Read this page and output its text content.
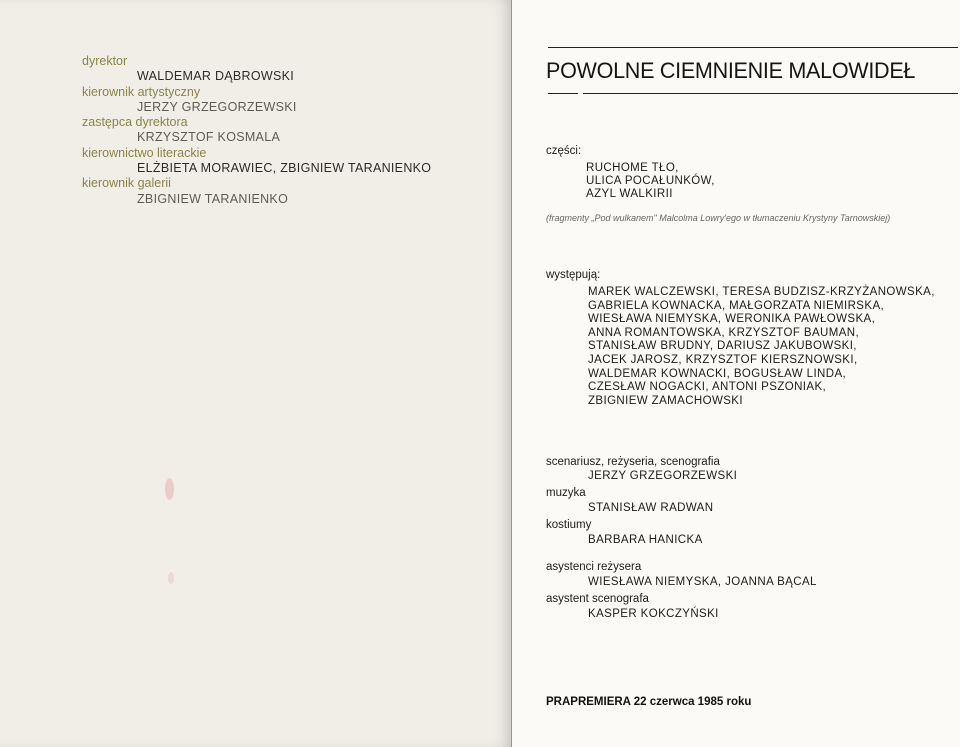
dyrektor
WALDEMAR DĄBROWSKI
kierownik artystyczny
JERZY GRZEGORZEWSKI
zastępca dyrektora
KRZYSZTOF KOSMALA
kierownictwo literackie
ELŻBIETA MORAWIEC, ZBIGNIEW TARANIENKO
kierownik galerii
ZBIGNIEW TARANIENKO
POWOLNE CIEMNIENIE MALOWIDEŁ
części:
RUCHOME TŁO,
ULICA POCAŁUNKÓW,
AZYL WALKIRII
(fragmenty „Pod wulkanem" Malcolma Lowry'ego w tłumaczeniu Krystyny Tarnowskiej)
występują:
MAREK WALCZEWSKI, TERESA BUDZISZ-KRZYŻANOWSKA,
GABRIELA KOWNACKA, MAŁGORZATA NIEMIRSKA,
WIESŁAWA NIEMYSKA, WERONIKA PAWŁOWSKA,
ANNA ROMANTOWSKA, KRZYSZTOF BAUMAN,
STANISŁAW BRUDNY, DARIUSZ JAKUBOWSKI,
JACEK JAROSZ, KRZYSZTOF KIERSZNOWSKI,
WALDEMAR KOWNACKI, BOGUSŁAW LINDA,
CZESŁAW NOGACKI, ANTONI PSZONIAK,
ZBIGNIEW ZAMACHOWSKI
scenariusz, reżyseria, scenografia
JERZY GRZEGORZEWSKI
muzyka
STANISŁAW RADWAN
kostiumy
BARBARA HANICKA
asystenci reżysera
WIESŁAWA NIEMYSKA, JOANNA BĄCAL
asystent scenografa
KASPER KOKCZYŃSKI
PRAPREMIERA 22 czerwca 1985 roku
